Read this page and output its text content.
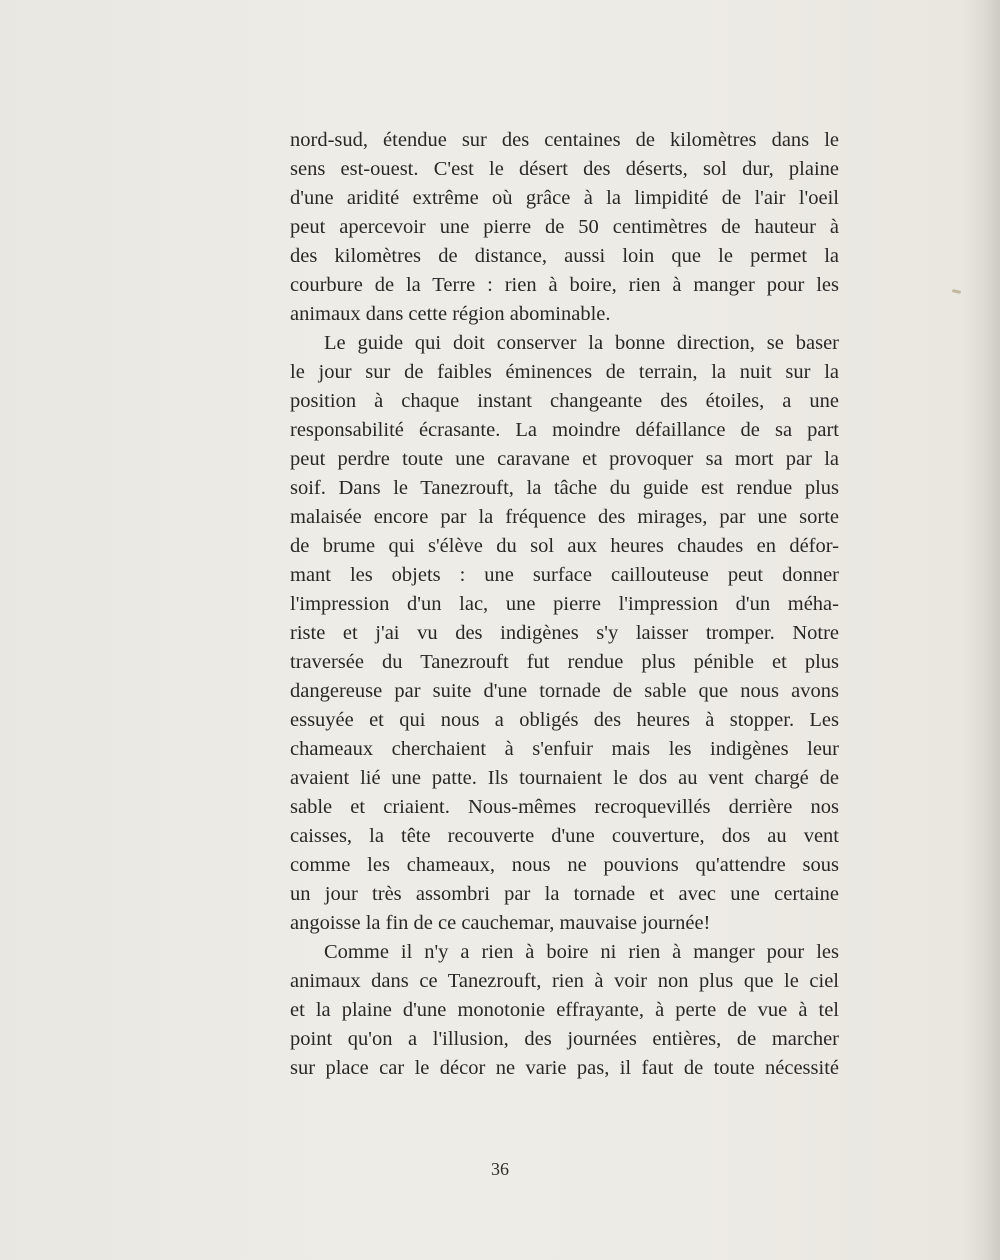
nord-sud, étendue sur des centaines de kilomètres dans le
sens est-ouest. C'est le désert des déserts, sol dur, plaine
d'une aridité extrême où grâce à la limpidité de l'air l'oeil
peut apercevoir une pierre de 50 centimètres de hauteur à
des kilomètres de distance, aussi loin que le permet la
courbure de la Terre : rien à boire, rien à manger pour les
animaux dans cette région abominable.
Le guide qui doit conserver la bonne direction, se baser
le jour sur de faibles éminences de terrain, la nuit sur la
position à chaque instant changeante des étoiles, a une
responsabilité écrasante. La moindre défaillance de sa part
peut perdre toute une caravane et provoquer sa mort par la
soif. Dans le Tanezrouft, la tâche du guide est rendue plus
malaisée encore par la fréquence des mirages, par une sorte
de brume qui s'élève du sol aux heures chaudes en défor-
mant les objets : une surface caillouteuse peut donner
l'impression d'un lac, une pierre l'impression d'un méha-
riste et j'ai vu des indigènes s'y laisser tromper. Notre
traversée du Tanezrouft fut rendue plus pénible et plus
dangereuse par suite d'une tornade de sable que nous avons
essuyée et qui nous a obligés des heures à stopper. Les
chameaux cherchaient à s'enfuir mais les indigènes leur
avaient lié une patte. Ils tournaient le dos au vent chargé de
sable et criaient. Nous-mêmes recroquevillés derrière nos
caisses, la tête recouverte d'une couverture, dos au vent
comme les chameaux, nous ne pouvions qu'attendre sous
un jour très assombri par la tornade et avec une certaine
angoisse la fin de ce cauchemar, mauvaise journée!
Comme il n'y a rien à boire ni rien à manger pour les
animaux dans ce Tanezrouft, rien à voir non plus que le ciel
et la plaine d'une monotonie effrayante, à perte de vue à tel
point qu'on a l'illusion, des journées entières, de marcher
sur place car le décor ne varie pas, il faut de toute nécessité
36
